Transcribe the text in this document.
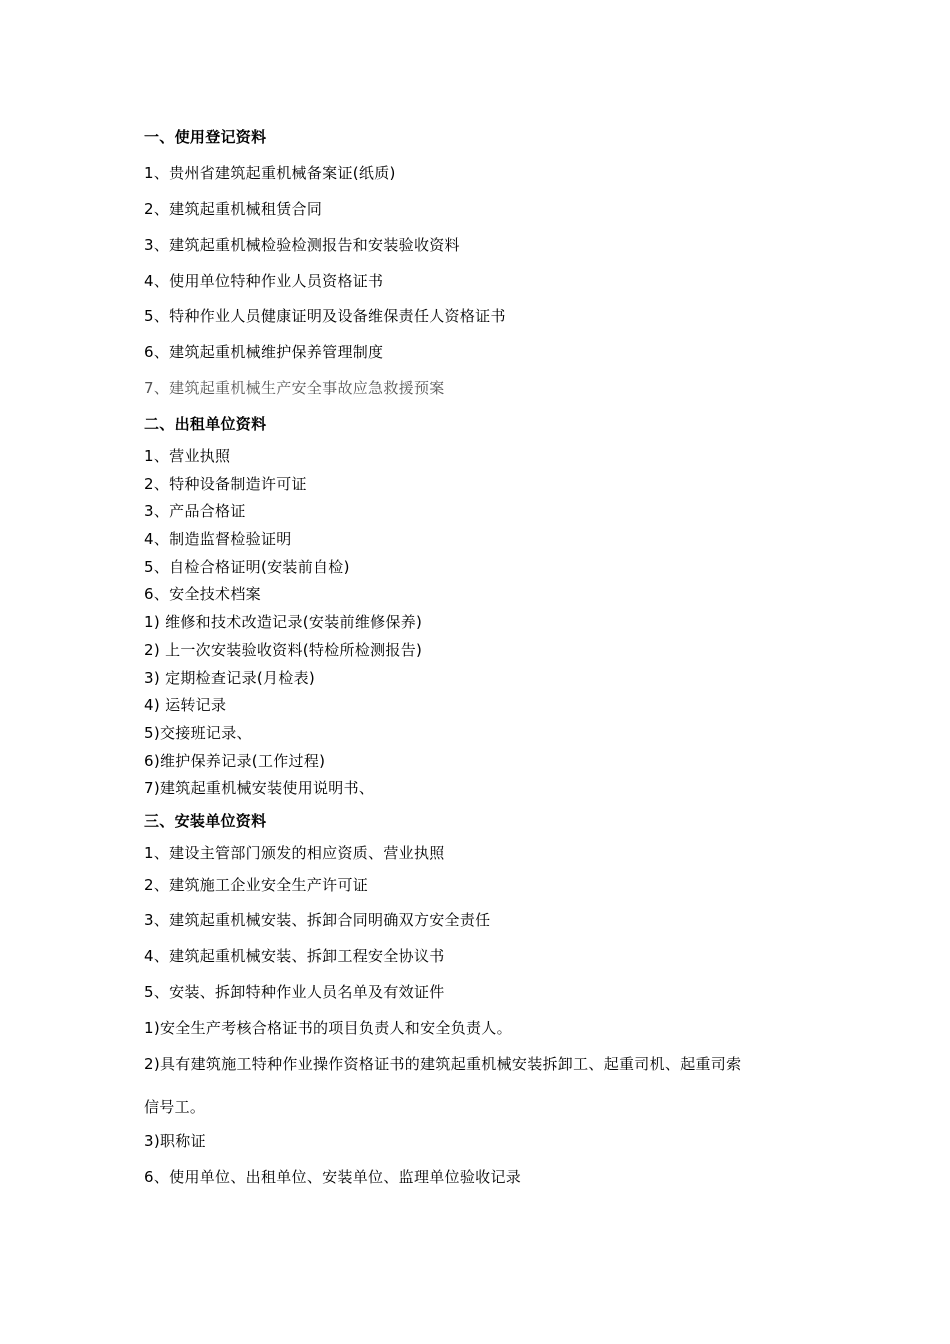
一、使用登记资料
1、贵州省建筑起重机械备案证(纸质)
2、建筑起重机械租赁合同
3、建筑起重机械检验检测报告和安装验收资料
4、使用单位特种作业人员资格证书
5、特种作业人员健康证明及设备维保责任人资格证书
6、建筑起重机械维护保养管理制度
7、建筑起重机械生产安全事故应急救援预案
二、出租单位资料
1、营业执照
2、特种设备制造许可证
3、产品合格证
4、制造监督检验证明
5、自检合格证明(安装前自检)
6、安全技术档案
1) 维修和技术改造记录(安装前维修保养)
2) 上一次安装验收资料(特检所检测报告)
3) 定期检查记录(月检表)
4) 运转记录
5)交接班记录、
6)维护保养记录(工作过程)
7)建筑起重机械安装使用说明书、
三、安装单位资料
1、建设主管部门颁发的相应资质、营业执照
2、建筑施工企业安全生产许可证
3、建筑起重机械安装、拆卸合同明确双方安全责任
4、建筑起重机械安装、拆卸工程安全协议书
5、安装、拆卸特种作业人员名单及有效证件
1)安全生产考核合格证书的项目负责人和安全负责人。
2)具有建筑施工特种作业操作资格证书的建筑起重机械安装拆卸工、起重司机、起重司索
信号工。
3)职称证
6、使用单位、出租单位、安装单位、监理单位验收记录
